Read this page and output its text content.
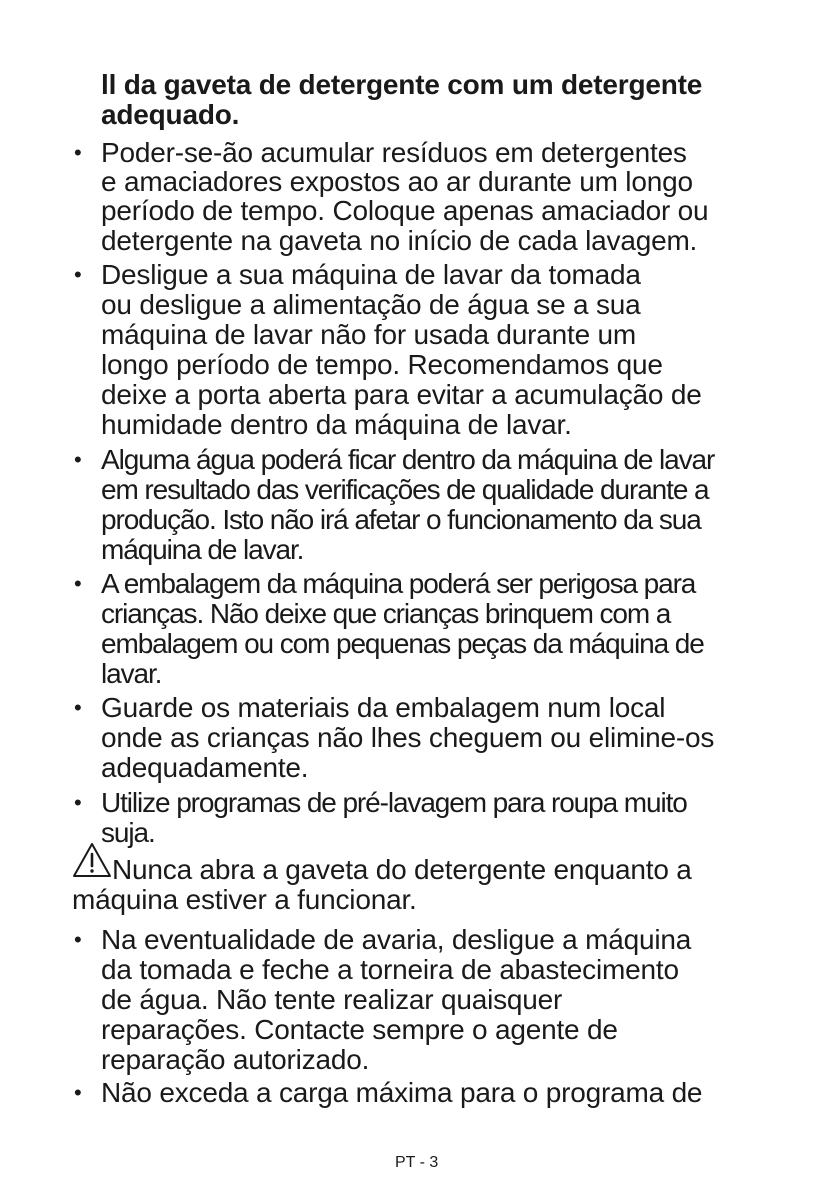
ll da gaveta de detergente com um detergente
adequado.
• Poder-se-ão acumular resíduos em detergentes
e amaciadores expostos ao ar durante um longo
período de tempo. Coloque apenas amaciador ou
detergente na gaveta no início de cada lavagem.
• Desligue a sua máquina de lavar da tomada
ou desligue a alimentação de água se a sua
máquina de lavar não for usada durante um
longo período de tempo. Recomendamos que
deixe a porta aberta para evitar a acumulação de
humidade dentro da máquina de lavar.
• Alguma água poderá ficar dentro da máquina de lavar
em resultado das verificações de qualidade durante a
produção. Isto não irá afetar o funcionamento da sua
máquina de lavar.
• A embalagem da máquina poderá ser perigosa para
crianças. Não deixe que crianças brinquem com a
embalagem ou com pequenas peças da máquina de
lavar.
• Guarde os materiais da embalagem num local
onde as crianças não lhes cheguem ou elimine-os
adequadamente.
• Utilize programas de pré-lavagem para roupa muito
suja.
Nunca abra a gaveta do detergente enquanto a
máquina estiver a funcionar.
• Na eventualidade de avaria, desligue a máquina
da tomada e feche a torneira de abastecimento
de água. Não tente realizar quaisquer
reparações. Contacte sempre o agente de
reparação autorizado.
• Não exceda a carga máxima para o programa de
PT - 3
